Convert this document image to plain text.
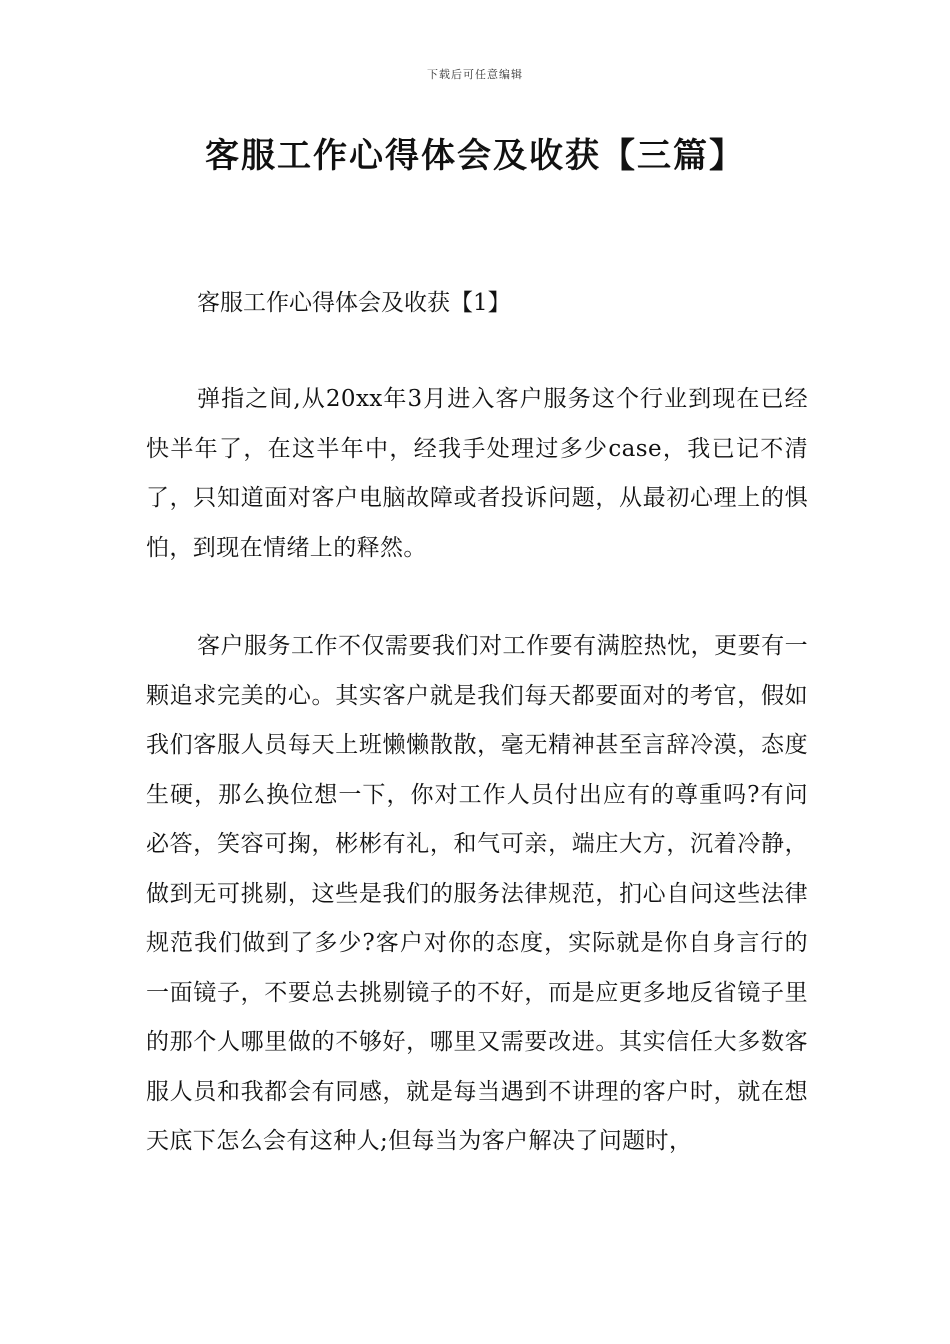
下载后可任意编辑
客服工作心得体会及收获【三篇】
客服工作心得体会及收获【1】

弹指之间,从20xx年3月进入客户服务这个行业到现在已经快半年了，在这半年中，经我手处理过多少case，我已记不清了，只知道面对客户电脑故障或者投诉问题，从最初心理上的惧怕，到现在情绪上的释然。

客户服务工作不仅需要我们对工作要有满腔热忱，更要有一颗追求完美的心。其实客户就是我们每天都要面对的考官，假如我们客服人员每天上班懒懒散散，毫无精神甚至言辞冷漠，态度生硬，那么换位想一下，你对工作人员付出应有的尊重吗?有问必答，笑容可掬，彬彬有礼，和气可亲，端庄大方，沉着冷静，做到无可挑剔，这些是我们的服务法律规范，扪心自问这些法律规范我们做到了多少?客户对你的态度，实际就是你自身言行的一面镜子，不要总去挑剔镜子的不好，而是应更多地反省镜子里的那个人哪里做的不够好，哪里又需要改进。其实信任大多数客服人员和我都会有同感，就是每当遇到不讲理的客户时，就在想天底下怎么会有这种人;但每当为客户解决了问题时，
